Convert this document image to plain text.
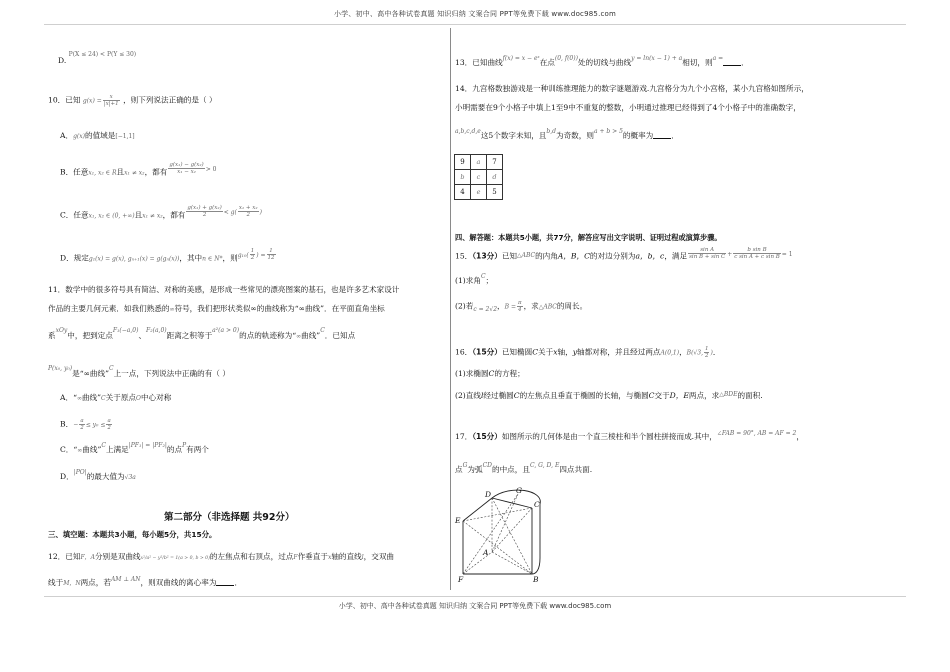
小学、初中、高中各种试卷真题 知识归纳 文案合同 PPT等免费下载 www.doc985.com
D. $^{P(X \le 24) < P(Y \le 30)}$
10．已知 $g(x) = \frac{x}{|x|+1}$ ，则下列说法正确的是（ ）
A．g(x)的值域是[−1,1]
B．任意x₁, x₂ ∈ R且x₁ ≠ x₂，都有 $\frac{\text{g(x₁) − g(x₂)}}{\text{x₁ − x₂}} ^{> 0}$
C．任意x₁, x₂ ∈ (0, +∞)且x₁ ≠ x₂，都有 $\frac{\text{g(x₁) + g(x₂)}}{2} ^{< g(} \frac{\text{x₁ + x₂}}{2} ^)$
D．规定g₁(x) = g(x), gₙ₊₁(x) = g(gₙ(x))，其中n ∈ N*，则$^{g_{10}(} \frac{1}{2} ^{) =} \frac{1}{12}$
11．数学中的很多符号具有简洁、对称的美感，是形成一些常见的漂亮图案的基石，也是许多艺术家设计
作品的主要几何元素．如我们熟悉的∞符号，我们把形状类似∞的曲线称为“∞曲线”．在平面直角坐标
系$^{xOy}$中，把到定点$^{F_1(-a,0)}$、$^{F_2(a,0)}$距离之积等于$^{a^2(a > 0)}$的点的轨迹称为“∞曲线”$^C$．已知点
$^{P(x_0, y_0)}$是“∞曲线”$^C$上一点，下列说法中正确的有（ ）
A．“∞曲线”C关于原点O中心对称
B．− $\frac{a}{2} \le y_0 \le \frac{a}{2}$
C．“∞曲线”$^C$上满足$^{|PF_1| = |PF_2|}$的点$^P$有两个
D．$^{|PO|}$的最大值为√3a
第二部分（非选择题 共92分）
三、填空题：本题共3小题，每小题5分，共15分。
12．已知F，A分别是双曲线x²/a² − y²/b² = 1(a > 0, b > 0)的左焦点和右顶点，过点F作垂直于x轴的直线l，交双曲
线于M，N两点，若$^{AM \perp AN}$，则双曲线的离心率为 ．
13．已知曲线$^{f(x) = x - eˣ}$在点$^{(0, f(0))}$处的切线与曲线$^{y = ln(x - 1) + a}$相切，则$^{a =}$ ．
14．九宫格数独游戏是一种训练推理能力的数字谜题游戏.九宫格分为九个小宫格，某小九宫格如图所示，
小明需要在9个小格子中填上1至9中不重复的整数，小明通过推理已经得到了4个小格子中的准确数字，
$^{a,b,c,d,e}$这5个数字未知，且$^{b,d}$为奇数，则$^{a + b > 5}$的概率为 ．
9	a	7
b	c	d
4	e	5
四、解答题：本题共5小题，共77分，解答应写出文字说明、证明过程或演算步骤。
15．（13分）已知$^{\triangle ABC}$的内角A，B，C的对边分别为a，b，c，满足 $\frac{\text{sin A}}{\text{sin B + sin C}} ^+ \frac{\text{b sin B}}{\text{c sin A + c sin B}} ^{= 1}$
(1)求角$^C$；
(2)若$_{c = 2√2}$，$B = \frac{\pi}{4}$ ，求△ABC的周长。
16．（15分）已知椭圆C关于x轴，y轴都对称，并且经过两点A(0,1)，B(√3, $\frac{1}{2}$ )．
(1)求椭圆C的方程；
(2)直线l经过椭圆C的左焦点且垂直于椭圆的长轴，与椭圆C交于D，E两点，求$^{\triangle BDE}$的面积.
17．（15分）如图所示的几何体是由一个直三棱柱和半个圆柱拼接而成.其中，$^{\angle FAB = 90^\circ, AB = AF = 2}$，
点$^G$为弧$^{CD}$的中点，且$^{C, G, D, E}$四点共面.
D	G
C
E
A
B
F
小学、初中、高中各种试卷真题 知识归纳 文案合同 PPT等免费下载 www.doc985.com
